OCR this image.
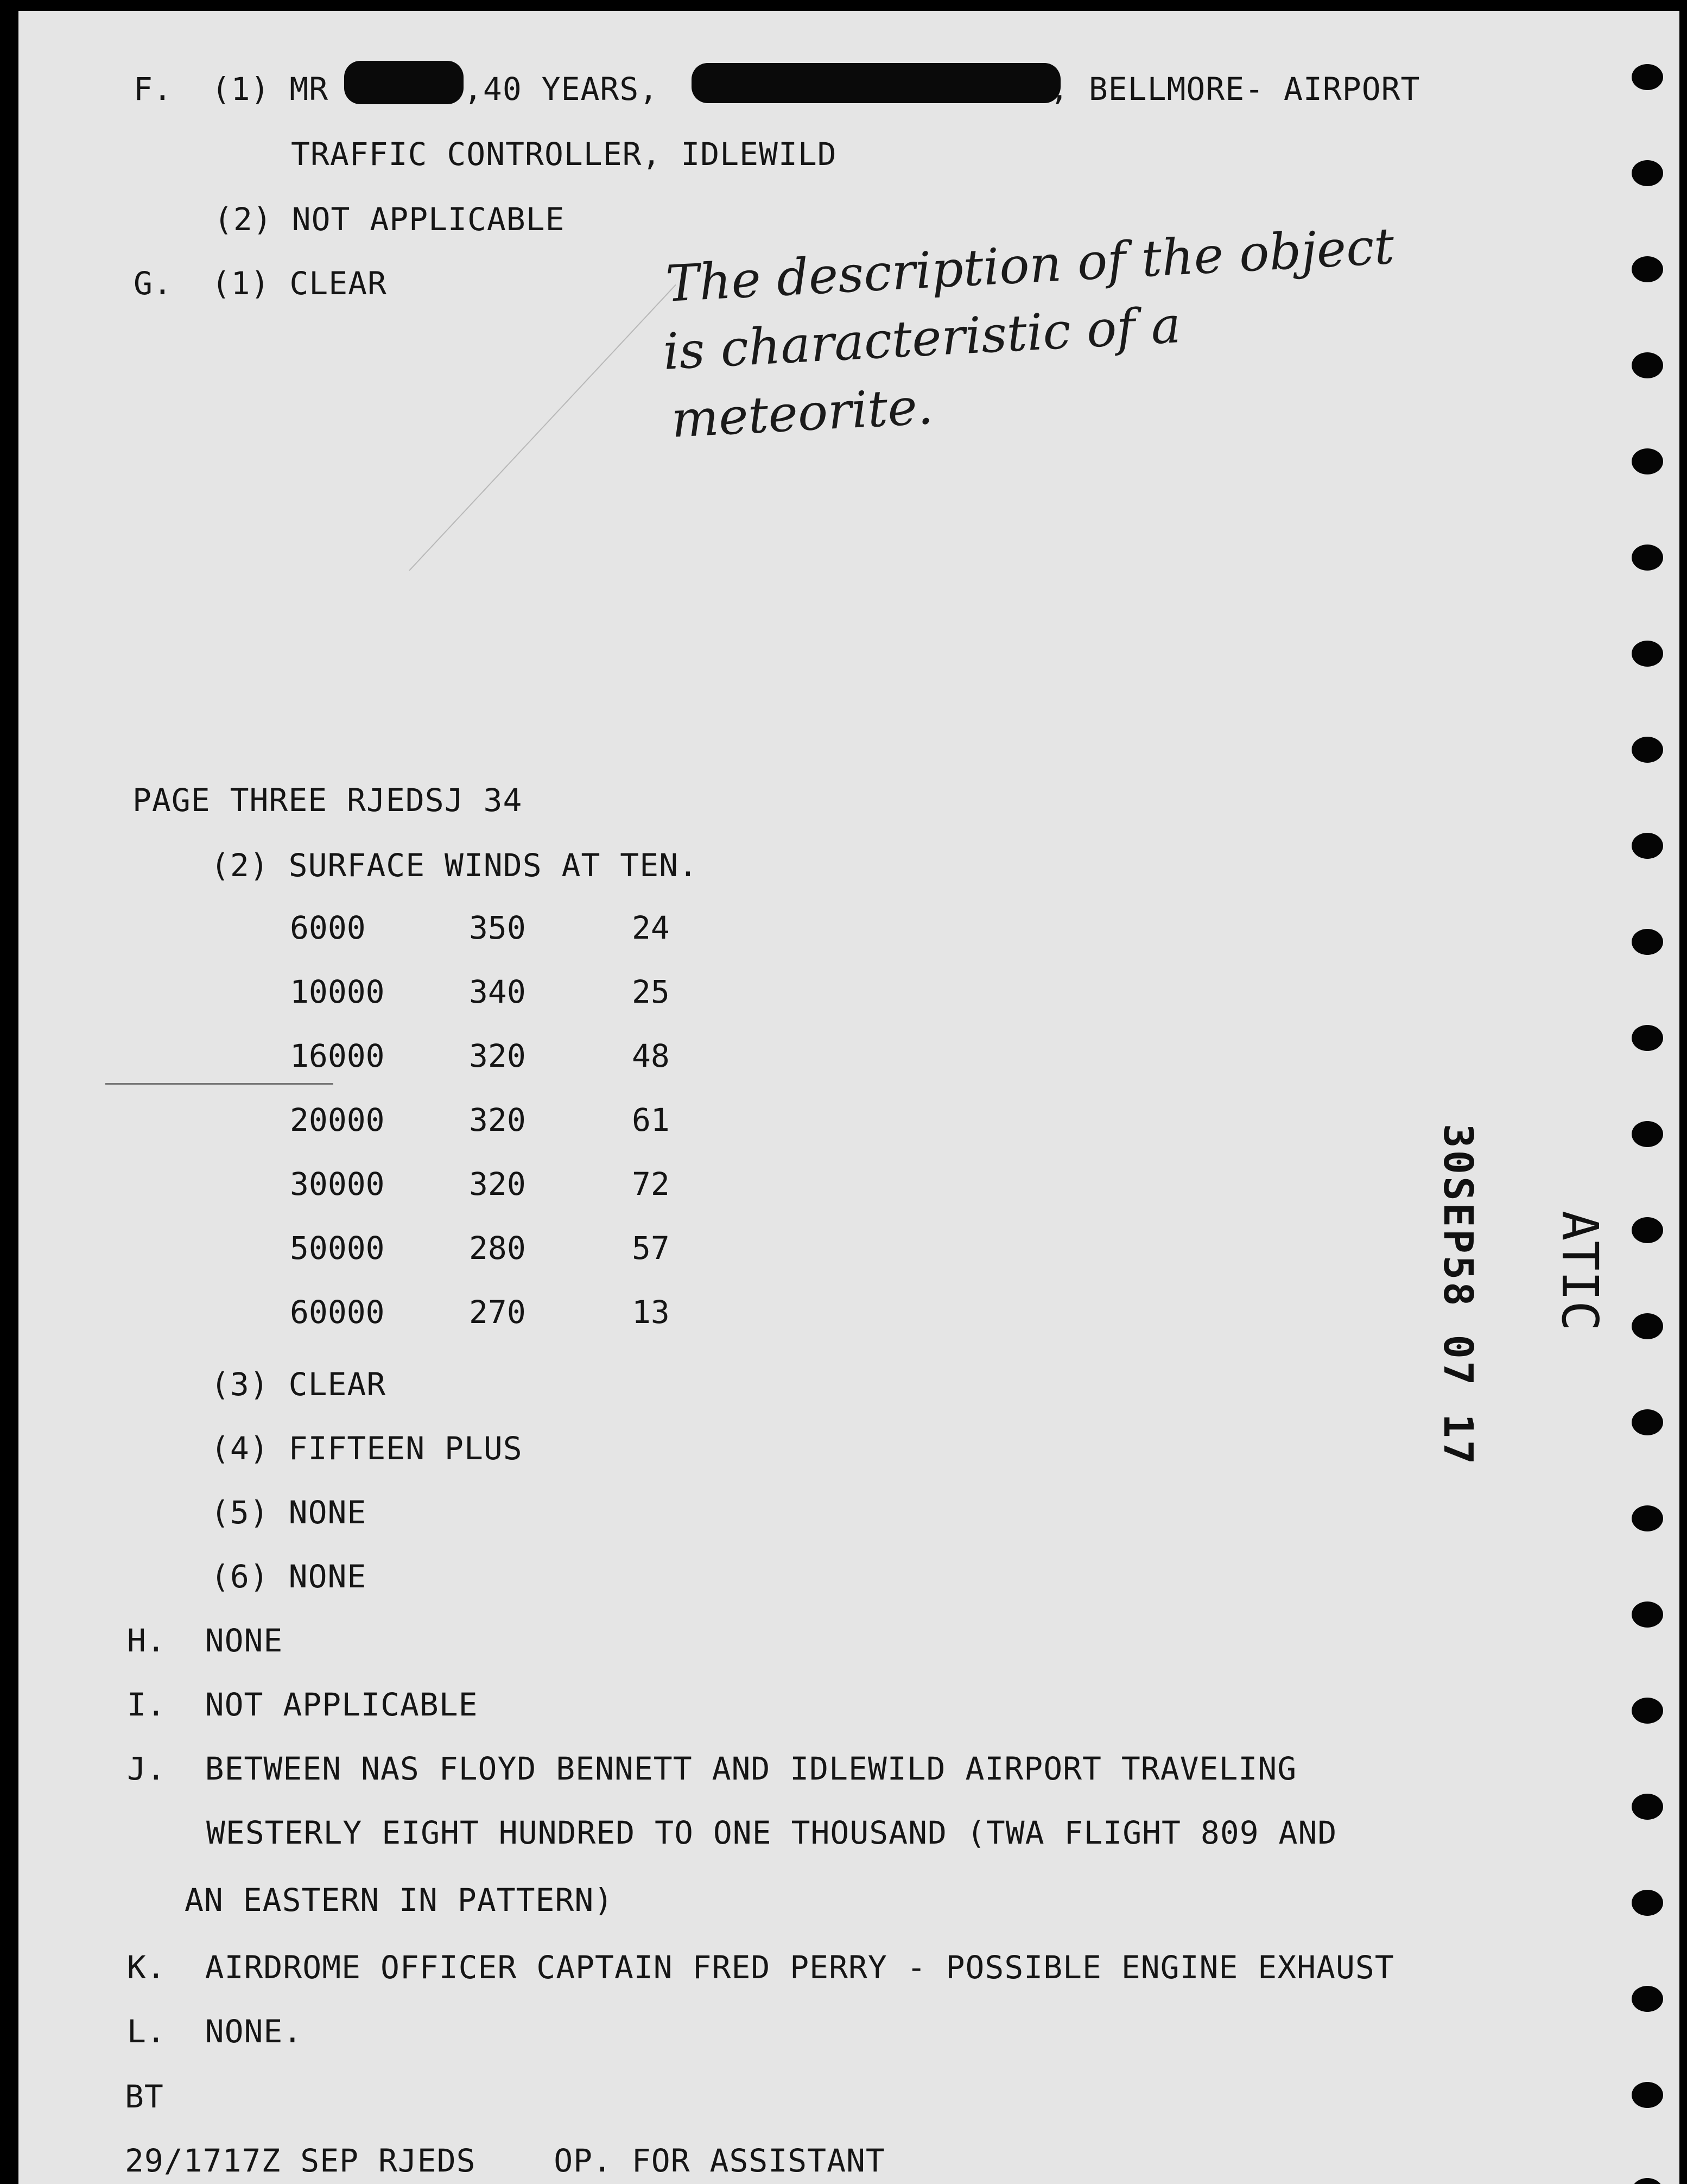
F.  (1) MR	,40 YEARS,	, BELLMORE- AIRPORT
TRAFFIC CONTROLLER, IDLEWILD
(2) NOT APPLICABLE
G.  (1) CLEAR	The description of the object
is characteristic of a
meteorite.
PAGE THREE RJEDSJ 34
(2) SURFACE WINDS AT TEN.
6000	350	24
10000	340	25
16000	320	48
20000	320	61
30000	320	72
50000	280	57
60000	270	13
(3) CLEAR
(4) FIFTEEN PLUS
(5) NONE
(6) NONE
H.  NONE
I.  NOT APPLICABLE
J.  BETWEEN NAS FLOYD BENNETT AND IDLEWILD AIRPORT TRAVELING
WESTERLY EIGHT HUNDRED TO ONE THOUSAND (TWA FLIGHT 809 AND
AN EASTERN IN PATTERN)
K.  AIRDROME OFFICER CAPTAIN FRED PERRY - POSSIBLE ENGINE EXHAUST
L.  NONE.
BT
29/1717Z SEP RJEDS    OP. FOR ASSISTANT
30SEP58 07 17 ATIC
